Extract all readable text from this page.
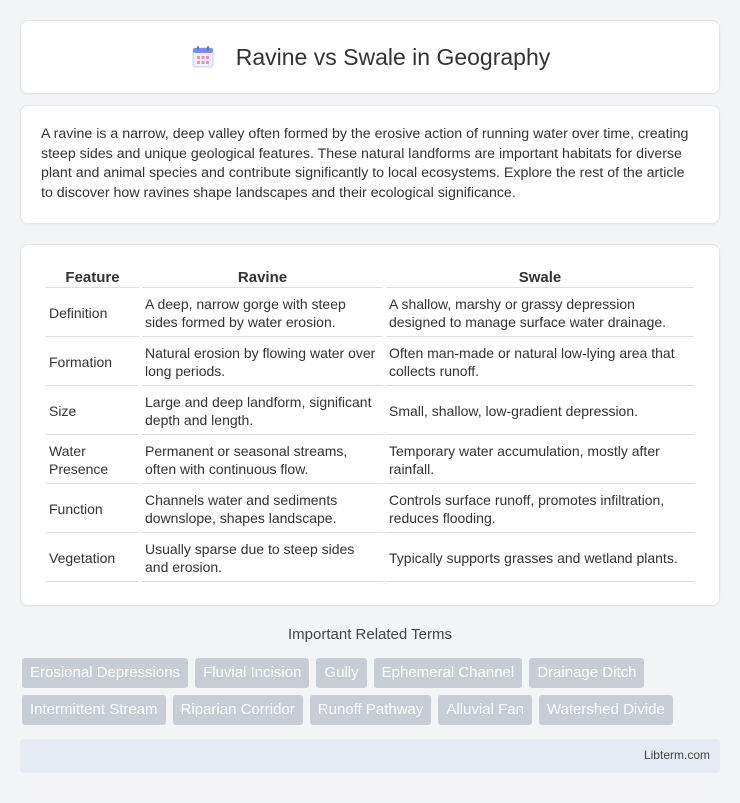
Ravine vs Swale in Geography

A ravine is a narrow, deep valley often formed by the erosive action of running water over time, creating steep sides and unique geological features. These natural landforms are important habitats for diverse plant and animal species and contribute significantly to local ecosystems. Explore the rest of the article to discover how ravines shape landscapes and their ecological significance.

Feature	Ravine	Swale
Definition	A deep, narrow gorge with steep sides formed by water erosion.	A shallow, marshy or grassy depression designed to manage surface water drainage.
Formation	Natural erosion by flowing water over long periods.	Often man-made or natural low-lying area that collects runoff.
Size	Large and deep landform, significant depth and length.	Small, shallow, low-gradient depression.
Water Presence	Permanent or seasonal streams, often with continuous flow.	Temporary water accumulation, mostly after rainfall.
Function	Channels water and sediments downslope, shapes landscape.	Controls surface runoff, promotes infiltration, reduces flooding.
Vegetation	Usually sparse due to steep sides and erosion.	Typically supports grasses and wetland plants.
Important Related Terms
Erosional Depressions	Fluvial Incision	Gully	Ephemeral Channel	Drainage Ditch
Intermittent Stream	Riparian Corridor	Runoff Pathway	Alluvial Fan	Watershed Divide
Libterm.com
